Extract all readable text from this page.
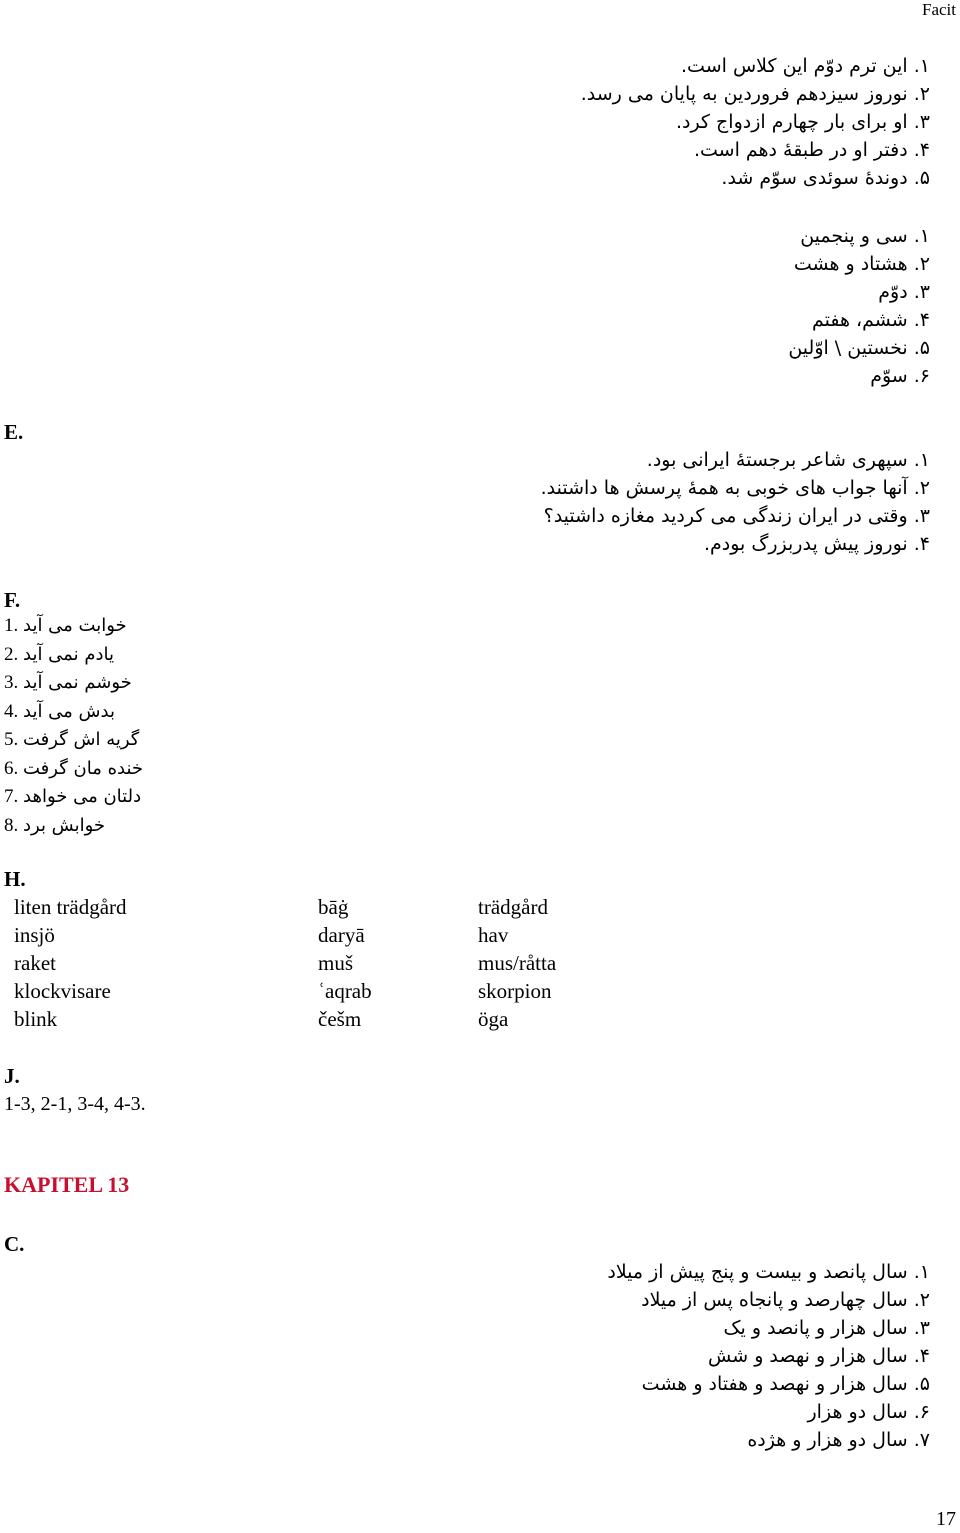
Facit
۱. این ترم دوّم این کلاس است.
۲. نوروز سیزدهم فروردین به پایان می رسد.
۳. او برای بار چهارم ازدواج کرد.
۴. دفتر او در طبقهٔ دهم است.
۵. دوندهٔ سوئدی سوّم شد.
۱. سی و پنجمین
۲. هشتاد و هشت
۳. دوّم
۴. ششم، هفتم
۵. نخستین \ اوّلین
۶. سوّم
E.
۱. سپهری شاعر برجستهٔ ایرانی بود.
۲. آنها جواب های خوبی به همهٔ پرسش ها داشتند.
۳. وقتی در ایران زندگی می کردید مغازه داشتید؟
۴. نوروز پیش پدربزرگ بودم.
F.
1. خوابت می آید
2. یادم نمی آید
3. خوشم نمی آید
4. بدش می آید
5. گریه اش گرفت
6. خنده مان گرفت
7. دلتان می خواهد
8. خوابش برد
H.
liten trädgård	bāġ	trädgård
insjö	daryā	hav
raket	muš	mus/råtta
klockvisare	ʿaqrab	skorpion
blink	češm	öga
J.
1-3, 2-1, 3-4, 4-3.
KAPITEL 13
C.
۱. سال پانصد و بیست و پنج پیش از میلاد
۲. سال چهارصد و پانجاه پس از میلاد
۳. سال هزار و پانصد و یک
۴. سال هزار و نهصد و شش
۵. سال هزار و نهصد و هفتاد و هشت
۶. سال دو هزار
۷. سال دو هزار و هژده
17
